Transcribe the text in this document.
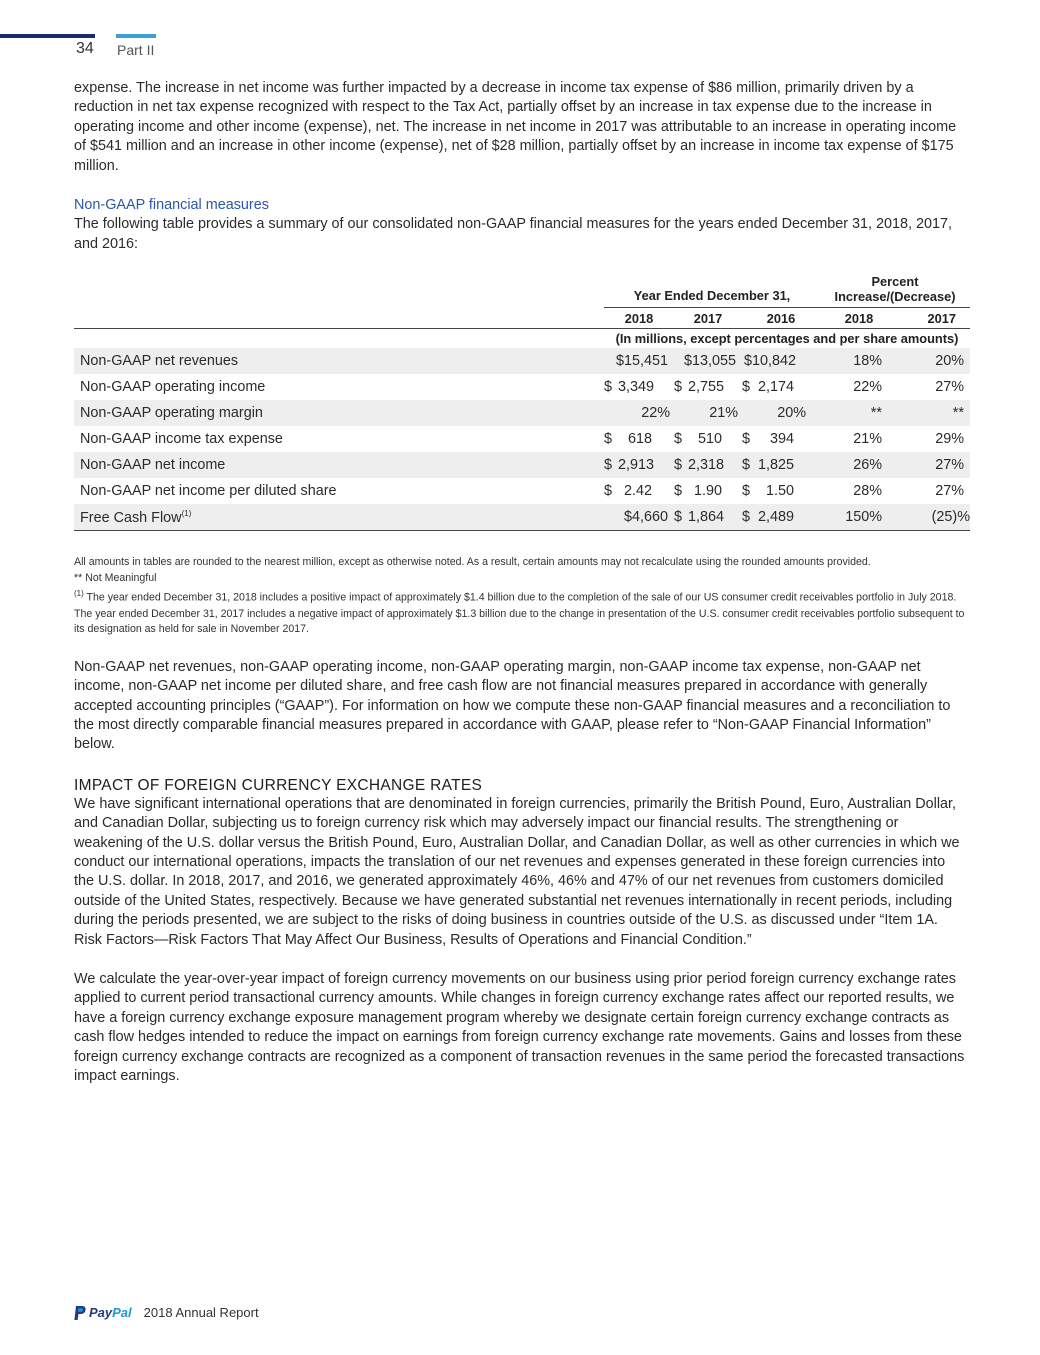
34 Part II

expense. The increase in net income was further impacted by a decrease in income tax expense of $86 million, primarily driven by a reduction in net tax expense recognized with respect to the Tax Act, partially offset by an increase in tax expense due to the increase in operating income and other income (expense), net. The increase in net income in 2017 was attributable to an increase in operating income of $541 million and an increase in other income (expense), net of $28 million, partially offset by an increase in income tax expense of $175 million.

Non-GAAP financial measures

The following table provides a summary of our consolidated non-GAAP financial measures for the years ended December 31, 2018, 2017, and 2016:

	Year Ended December 31,			Percent
Increase/(Decrease)	

	2018	2017	2016	2018	2017
	(In millions, except percentages and per share amounts)				
Non-GAAP net revenues	$15,451	$13,055	$10,842	18%	20%
Non-GAAP operating income	$ 3,349	$ 2,755	$ 2,174	22%	27%
Non-GAAP operating margin	22%	21%	20%	**	**
Non-GAAP income tax expense	$ 618	$ 510	$ 394	21%	29%
Non-GAAP net income	$ 2,913	$ 2,318	$ 1,825	26%	27%
Non-GAAP net income per diluted share	$ 2.42	$ 1.90	$ 1.50	28%	27%
Free Cash Flow$^{(1)}$	$4,660	$ 1,864	$ 2,489	150%	(25)%

All amounts in tables are rounded to the nearest million, except as otherwise noted. As a result, certain amounts may not recalculate using the rounded amounts provided.

** Not Meaningful

$^{(1)}$ The year ended December 31, 2018 includes a positive impact of approximately $1.4 billion due to the completion of the sale of our US consumer credit receivables portfolio in July 2018. The year ended December 31, 2017 includes a negative impact of approximately $1.3 billion due to the change in presentation of the U.S. consumer credit receivables portfolio subsequent to its designation as held for sale in November 2017.

Non-GAAP net revenues, non-GAAP operating income, non-GAAP operating margin, non-GAAP income tax expense, non-GAAP net income, non-GAAP net income per diluted share, and free cash flow are not financial measures prepared in accordance with generally accepted accounting principles (“GAAP”). For information on how we compute these non-GAAP financial measures and a reconciliation to the most directly comparable financial measures prepared in accordance with GAAP, please refer to “Non-GAAP Financial Information” below.

IMPACT OF FOREIGN CURRENCY EXCHANGE RATES

We have significant international operations that are denominated in foreign currencies, primarily the British Pound, Euro, Australian Dollar, and Canadian Dollar, subjecting us to foreign currency risk which may adversely impact our financial results. The strengthening or weakening of the U.S. dollar versus the British Pound, Euro, Australian Dollar, and Canadian Dollar, as well as other currencies in which we conduct our international operations, impacts the translation of our net revenues and expenses generated in these foreign currencies into the U.S. dollar. In 2018, 2017, and 2016, we generated approximately 46%, 46% and 47% of our net revenues from customers domiciled outside of the United States, respectively. Because we have generated substantial net revenues internationally in recent periods, including during the periods presented, we are subject to the risks of doing business in countries outside of the U.S. as discussed under “Item 1A. Risk Factors—Risk Factors That May Affect Our Business, Results of Operations and Financial Condition.”

We calculate the year-over-year impact of foreign currency movements on our business using prior period foreign currency exchange rates applied to current period transactional currency amounts. While changes in foreign currency exchange rates affect our reported results, we have a foreign currency exchange exposure management program whereby we designate certain foreign currency exchange contracts as cash flow hedges intended to reduce the impact on earnings from foreign currency exchange rate movements. Gains and losses from these foreign currency exchange contracts are recognized as a component of transaction revenues in the same period the forecasted transactions impact earnings.

Pay Pal 2018 Annual Report
